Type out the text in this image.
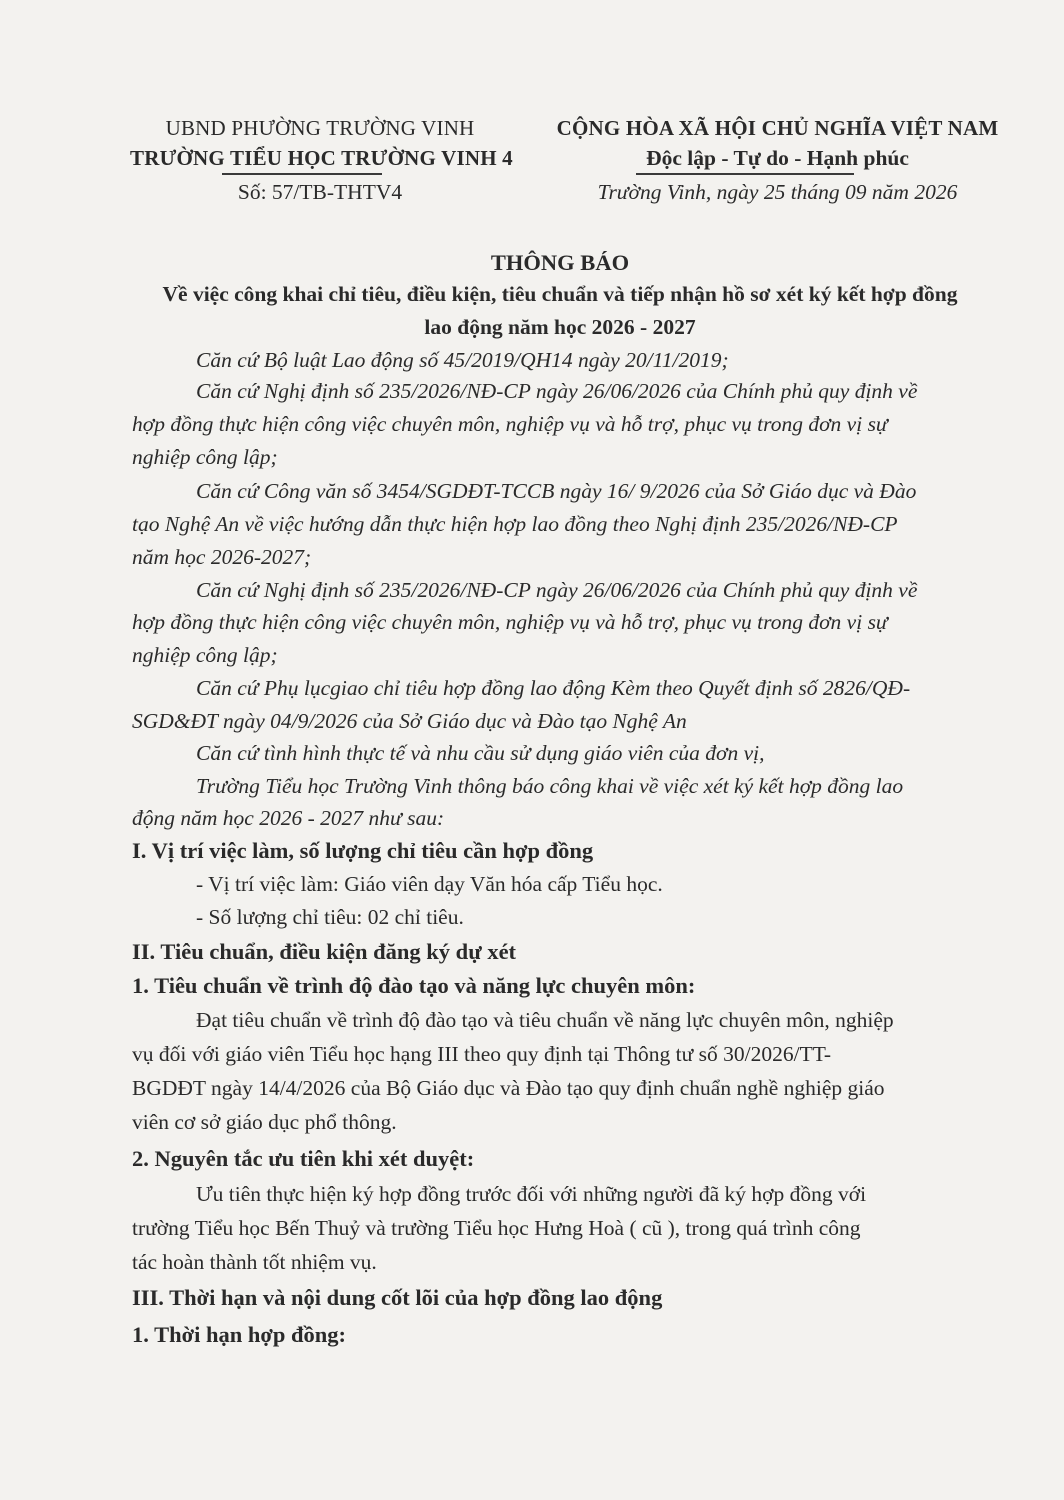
UBND PHƯỜNG TRƯỜNG VINH
TRƯỜNG TIỂU HỌC TRƯỜNG VINH 4
Số: 57/TB-THTV4
CỘNG HÒA XÃ HỘI CHỦ NGHĨA VIỆT NAM
Độc lập - Tự do - Hạnh phúc
Trường Vinh, ngày 25 tháng 09 năm 2026
THÔNG BÁO
Về việc công khai chỉ tiêu, điều kiện, tiêu chuẩn và tiếp nhận hồ sơ xét ký kết hợp đồng
lao động năm học 2026 - 2027
Căn cứ Bộ luật Lao động số 45/2019/QH14 ngày 20/11/2019;
Căn cứ Nghị định số 235/2026/NĐ-CP ngày 26/06/2026 của Chính phủ quy định về
hợp đồng thực hiện công việc chuyên môn, nghiệp vụ và hỗ trợ, phục vụ trong đơn vị sự
nghiệp công lập;
Căn cứ Công văn số 3454/SGDĐT-TCCB ngày 16/ 9/2026 của Sở Giáo dục và Đào
tạo Nghệ An về việc hướng dẫn thực hiện hợp lao đồng theo Nghị định 235/2026/NĐ-CP
năm học 2026-2027;
Căn cứ Nghị định số 235/2026/NĐ-CP ngày 26/06/2026 của Chính phủ quy định về
hợp đồng thực hiện công việc chuyên môn, nghiệp vụ và hỗ trợ, phục vụ trong đơn vị sự
nghiệp công lập;
Căn cứ Phụ lụcgiao chỉ tiêu hợp đồng lao động Kèm theo Quyết định số 2826/QĐ-
SGD&ĐT ngày 04/9/2026 của Sở Giáo dục và Đào tạo Nghệ An
Căn cứ tình hình thực tế và nhu cầu sử dụng giáo viên của đơn vị,
Trường Tiểu học Trường Vinh thông báo công khai về việc xét ký kết hợp đồng lao
động năm học 2026 - 2027 như sau:
I. Vị trí việc làm, số lượng chỉ tiêu cần hợp đồng
- Vị trí việc làm: Giáo viên dạy Văn hóa cấp Tiểu học.
- Số lượng chỉ tiêu: 02 chỉ tiêu.
II. Tiêu chuẩn, điều kiện đăng ký dự xét
1. Tiêu chuẩn về trình độ đào tạo và năng lực chuyên môn:
Đạt tiêu chuẩn về trình độ đào tạo và tiêu chuẩn về năng lực chuyên môn, nghiệp
vụ đối với giáo viên Tiểu học hạng III theo quy định tại Thông tư số 30/2026/TT-
BGDĐT ngày 14/4/2026 của Bộ Giáo dục và Đào tạo quy định chuẩn nghề nghiệp giáo
viên cơ sở giáo dục phổ thông.
2. Nguyên tắc ưu tiên khi xét duyệt:
Ưu tiên thực hiện ký hợp đồng trước đối với những người đã ký hợp đồng với
trường Tiểu học Bến Thuỷ và trường Tiểu học Hưng Hoà ( cũ ), trong quá trình công
tác hoàn thành tốt nhiệm vụ.
III. Thời hạn và nội dung cốt lõi của hợp đồng lao động
1. Thời hạn hợp đồng:
